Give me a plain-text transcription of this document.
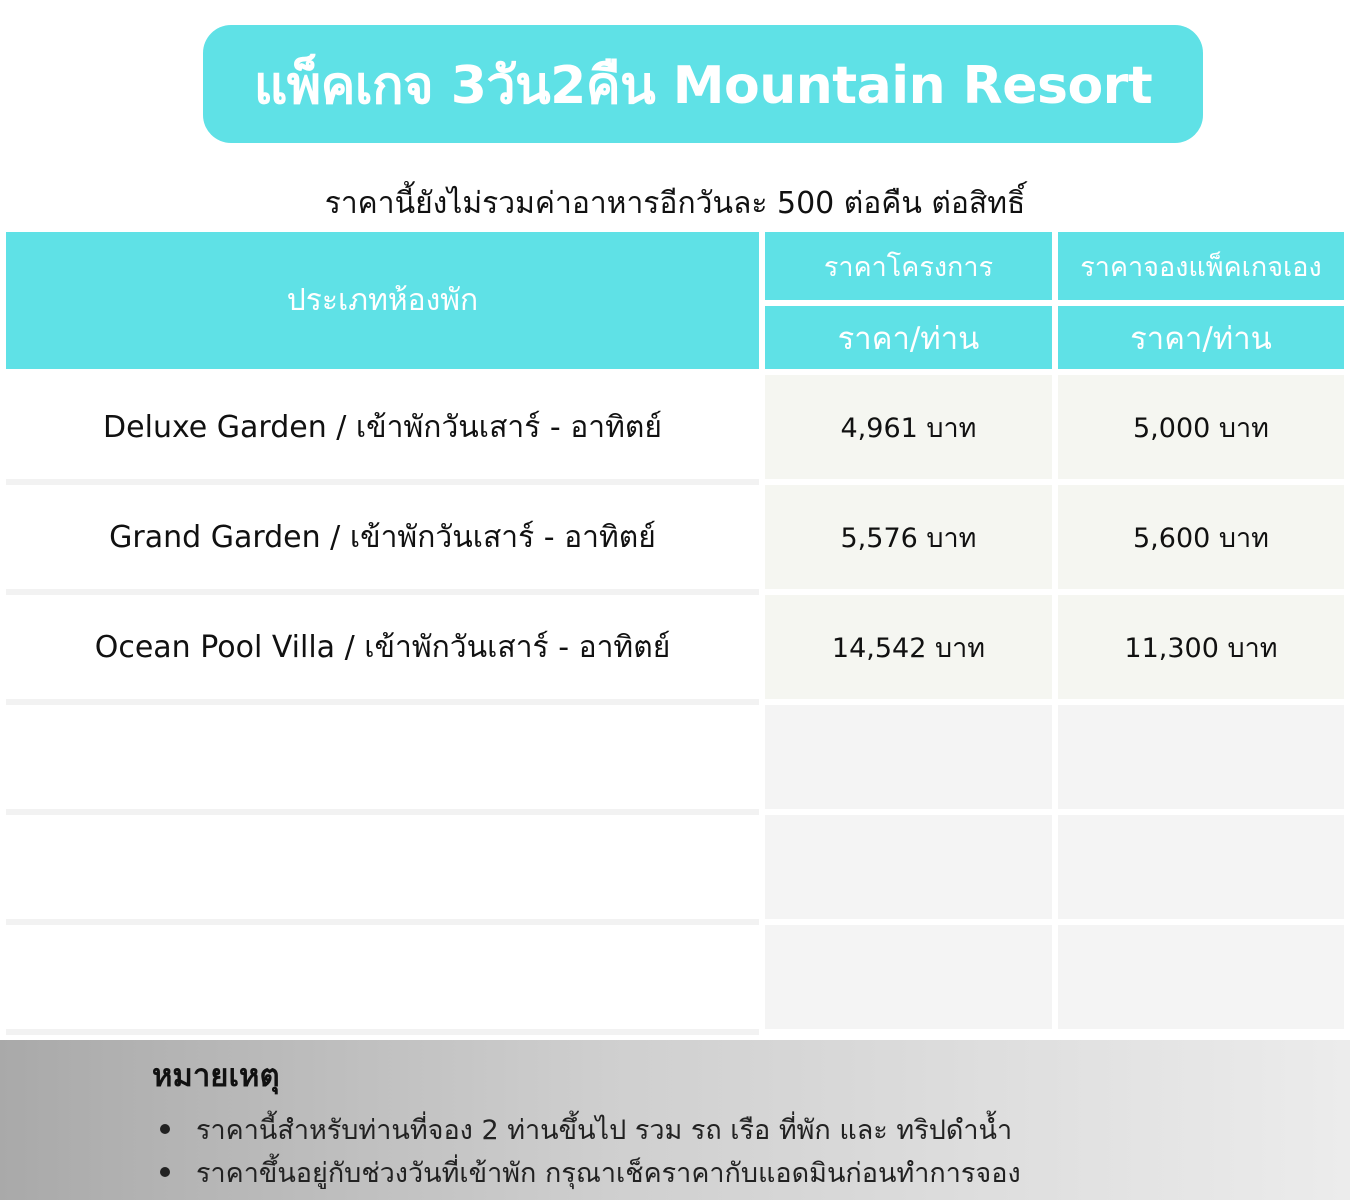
แพ็คเกจ 3วัน2คืน Mountain Resort
ราคานี้ยังไม่รวมค่าอาหารอีกวันละ 500 ต่อคืน ต่อสิทธิ์
ประเภทห้องพัก
ราคาโครงการ	ราคาจองแพ็คเกจเอง
ราคา/ท่าน	ราคา/ท่าน
Deluxe Garden / เข้าพักวันเสาร์ - อาทิตย์	4,961 บาท	5,000 บาท
Grand Garden / เข้าพักวันเสาร์ - อาทิตย์	5,576 บาท	5,600 บาท
Ocean Pool Villa / เข้าพักวันเสาร์ - อาทิตย์	14,542 บาท	11,300 บาท
หมายเหตุ
ราคานี้สำหรับท่านที่จอง 2 ท่านขึ้นไป รวม รถ เรือ ที่พัก และ ทริปดำน้ำ
ราคาขึ้นอยู่กับช่วงวันที่เข้าพัก กรุณาเช็คราคากับแอดมินก่อนทำการจอง
